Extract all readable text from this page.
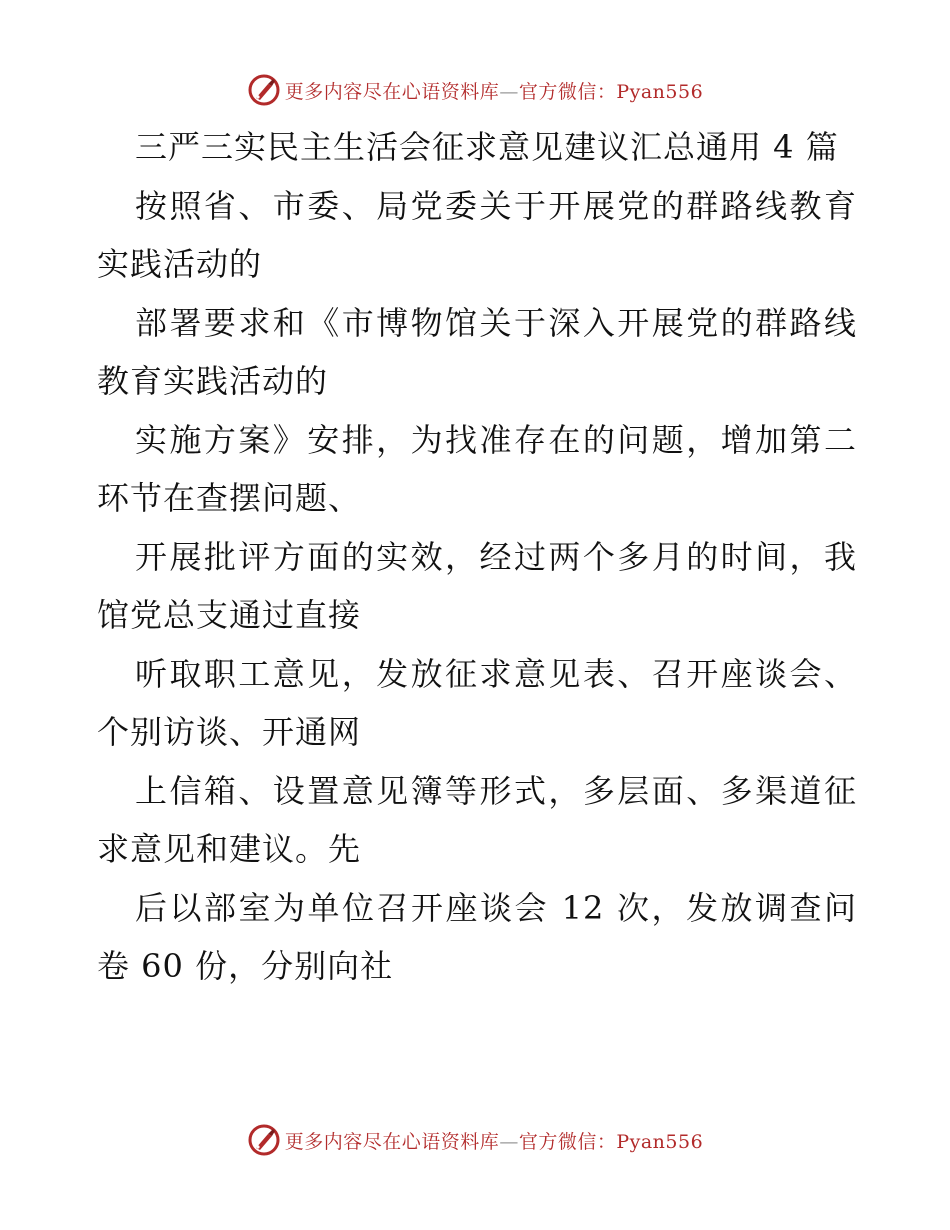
更多内容尽在心语资料库—官方微信：Pyan556

三严三实民主生活会征求意见建议汇总通用 4 篇

按照省、市委、局党委关于开展党的群路线教育实践活动的

部署要求和《市博物馆关于深入开展党的群路线教育实践活动的

实施方案》安排，为找准存在的问题，增加第二环节在查摆问题、

开展批评方面的实效，经过两个多月的时间，我馆党总支通过直接

听取职工意见，发放征求意见表、召开座谈会、个别访谈、开通网

上信箱、设置意见簿等形式，多层面、多渠道征求意见和建议。先

后以部室为单位召开座谈会 12 次，发放调查问卷 60 份，分别向社

更多内容尽在心语资料库—官方微信：Pyan556
